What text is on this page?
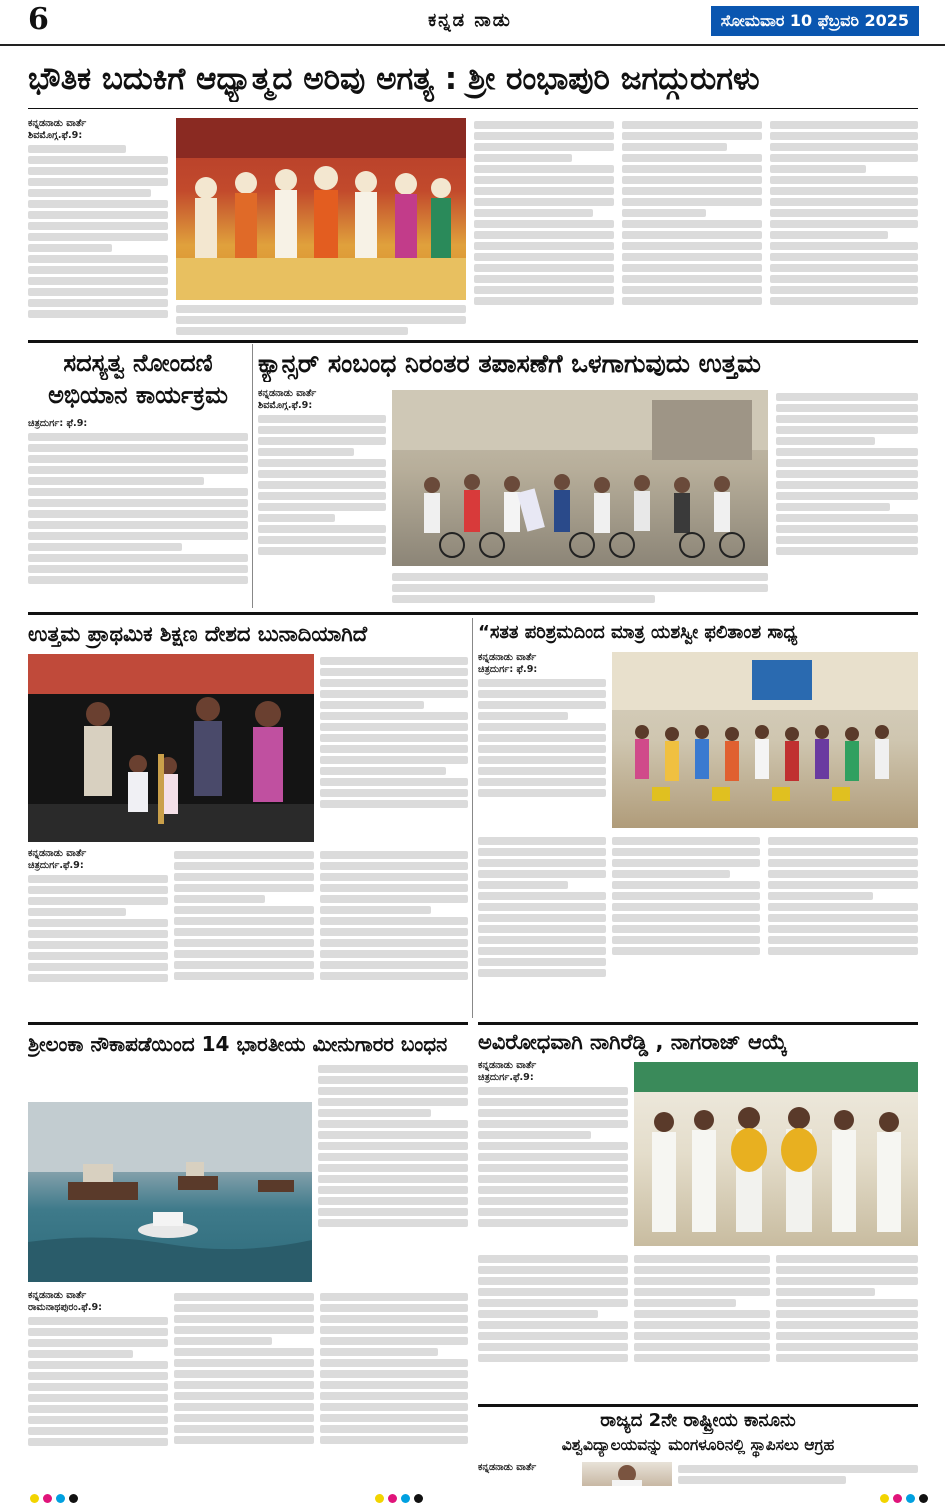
6	ಕನ್ನಡ ನಾಡು	ಸೋಮವಾರ 10 ಫೆಬ್ರವರಿ 2025
ಭೌತಿಕ ಬದುಕಿಗೆ ಆಧ್ಯಾತ್ಮದ ಅರಿವು ಅಗತ್ಯ : ಶ್ರೀ ರಂಭಾಪುರಿ ಜಗದ್ಗುರುಗಳು
ಕನ್ನಡನಾಡು ವಾರ್ತೆ
ಶಿವಮೊಗ್ಗ.ಫೆ.9:
ಸದಸ್ಯತ್ವ ನೋಂದಣಿ
ಅಭಿಯಾನ ಕಾರ್ಯಕ್ರಮ
ಚಿತ್ರದುರ್ಗ: ಫೆ.9:
ಕ್ಯಾನ್ಸರ್ ಸಂಬಂಧ ನಿರಂತರ ತಪಾಸಣೆಗೆ ಒಳಗಾಗುವುದು ಉತ್ತಮ
ಕನ್ನಡನಾಡು ವಾರ್ತೆ
ಶಿವಮೊಗ್ಗ.ಫೆ.9:
ಉತ್ತಮ ಪ್ರಾಥಮಿಕ ಶಿಕ್ಷಣ ದೇಶದ ಬುನಾದಿಯಾಗಿದೆ
ಕನ್ನಡನಾಡು ವಾರ್ತೆ
ಚಿತ್ರದುರ್ಗ.ಫೆ.9:
“ಸತತ ಪರಿಶ್ರಮದಿಂದ ಮಾತ್ರ ಯಶಸ್ವೀ ಫಲಿತಾಂಶ ಸಾಧ್ಯ
ಕನ್ನಡನಾಡು ವಾರ್ತೆ
ಚಿತ್ರದುರ್ಗ: ಫೆ.9:
ಅವಿರೋಧವಾಗಿ ನಾಗಿರೆಡ್ಡಿ , ನಾಗರಾಜ್ ಆಯ್ಕೆ
ಕನ್ನಡನಾಡು ವಾರ್ತೆ
ಚಿತ್ರದುರ್ಗ.ಫೆ.9:
ಶ್ರೀಲಂಕಾ ನೌಕಾಪಡೆಯಿಂದ 14 ಭಾರತೀಯ ಮೀನುಗಾರರ ಬಂಧನ
ಕನ್ನಡನಾಡು ವಾರ್ತೆ
ರಾಮನಾಥಪುರಂ.ಫೆ.9:
ರಾಜ್ಯದ 2ನೇ ರಾಷ್ಟ್ರೀಯ ಕಾನೂನು
ವಿಶ್ವವಿದ್ಯಾಲಯವನ್ನು ಮಂಗಳೂರಿನಲ್ಲಿ ಸ್ಥಾಪಿಸಲು ಆಗ್ರಹ
ಕನ್ನಡನಾಡು ವಾರ್ತೆ
